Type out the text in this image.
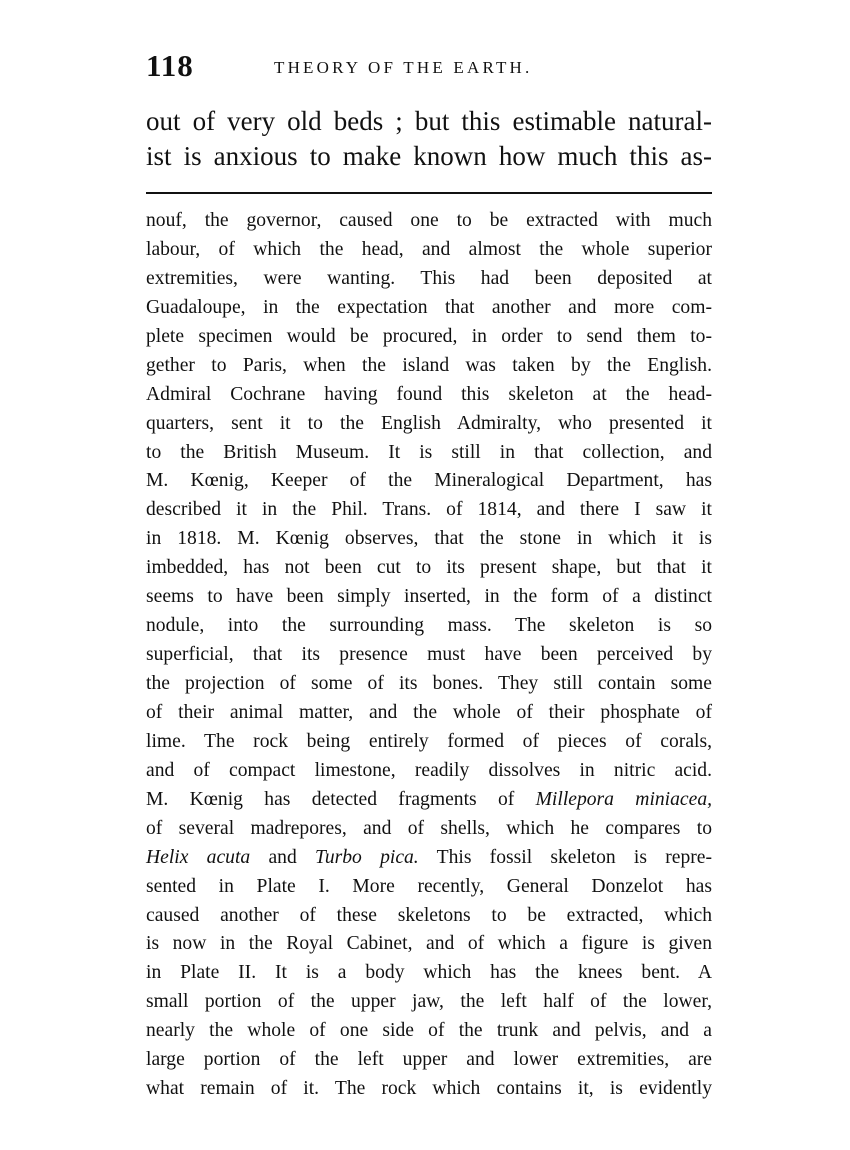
118	THEORY OF THE EARTH.
out of very old beds ; but this estimable natural-
ist is anxious to make known how much this as-
nouf, the governor, caused one to be extracted with much
labour, of which the head, and almost the whole superior
extremities, were wanting. This had been deposited at
Guadaloupe, in the expectation that another and more com-
plete specimen would be procured, in order to send them to-
gether to Paris, when the island was taken by the English.
Admiral Cochrane having found this skeleton at the head-
quarters, sent it to the English Admiralty, who presented it
to the British Museum. It is still in that collection, and
M. Kœnig, Keeper of the Mineralogical Department, has
described it in the Phil. Trans. of 1814, and there I saw it
in 1818. M. Kœnig observes, that the stone in which it is
imbedded, has not been cut to its present shape, but that it
seems to have been simply inserted, in the form of a distinct
nodule, into the surrounding mass. The skeleton is so
superficial, that its presence must have been perceived by
the projection of some of its bones. They still contain some
of their animal matter, and the whole of their phosphate of
lime. The rock being entirely formed of pieces of corals,
and of compact limestone, readily dissolves in nitric acid.
M. Kœnig has detected fragments of Millepora miniacea,
of several madrepores, and of shells, which he compares to
Helix acuta and Turbo pica. This fossil skeleton is repre-
sented in Plate I. More recently, General Donzelot has
caused another of these skeletons to be extracted, which
is now in the Royal Cabinet, and of which a figure is given
in Plate II. It is a body which has the knees bent. A
small portion of the upper jaw, the left half of the lower,
nearly the whole of one side of the trunk and pelvis, and a
large portion of the left upper and lower extremities, are
what remain of it. The rock which contains it, is evidently
